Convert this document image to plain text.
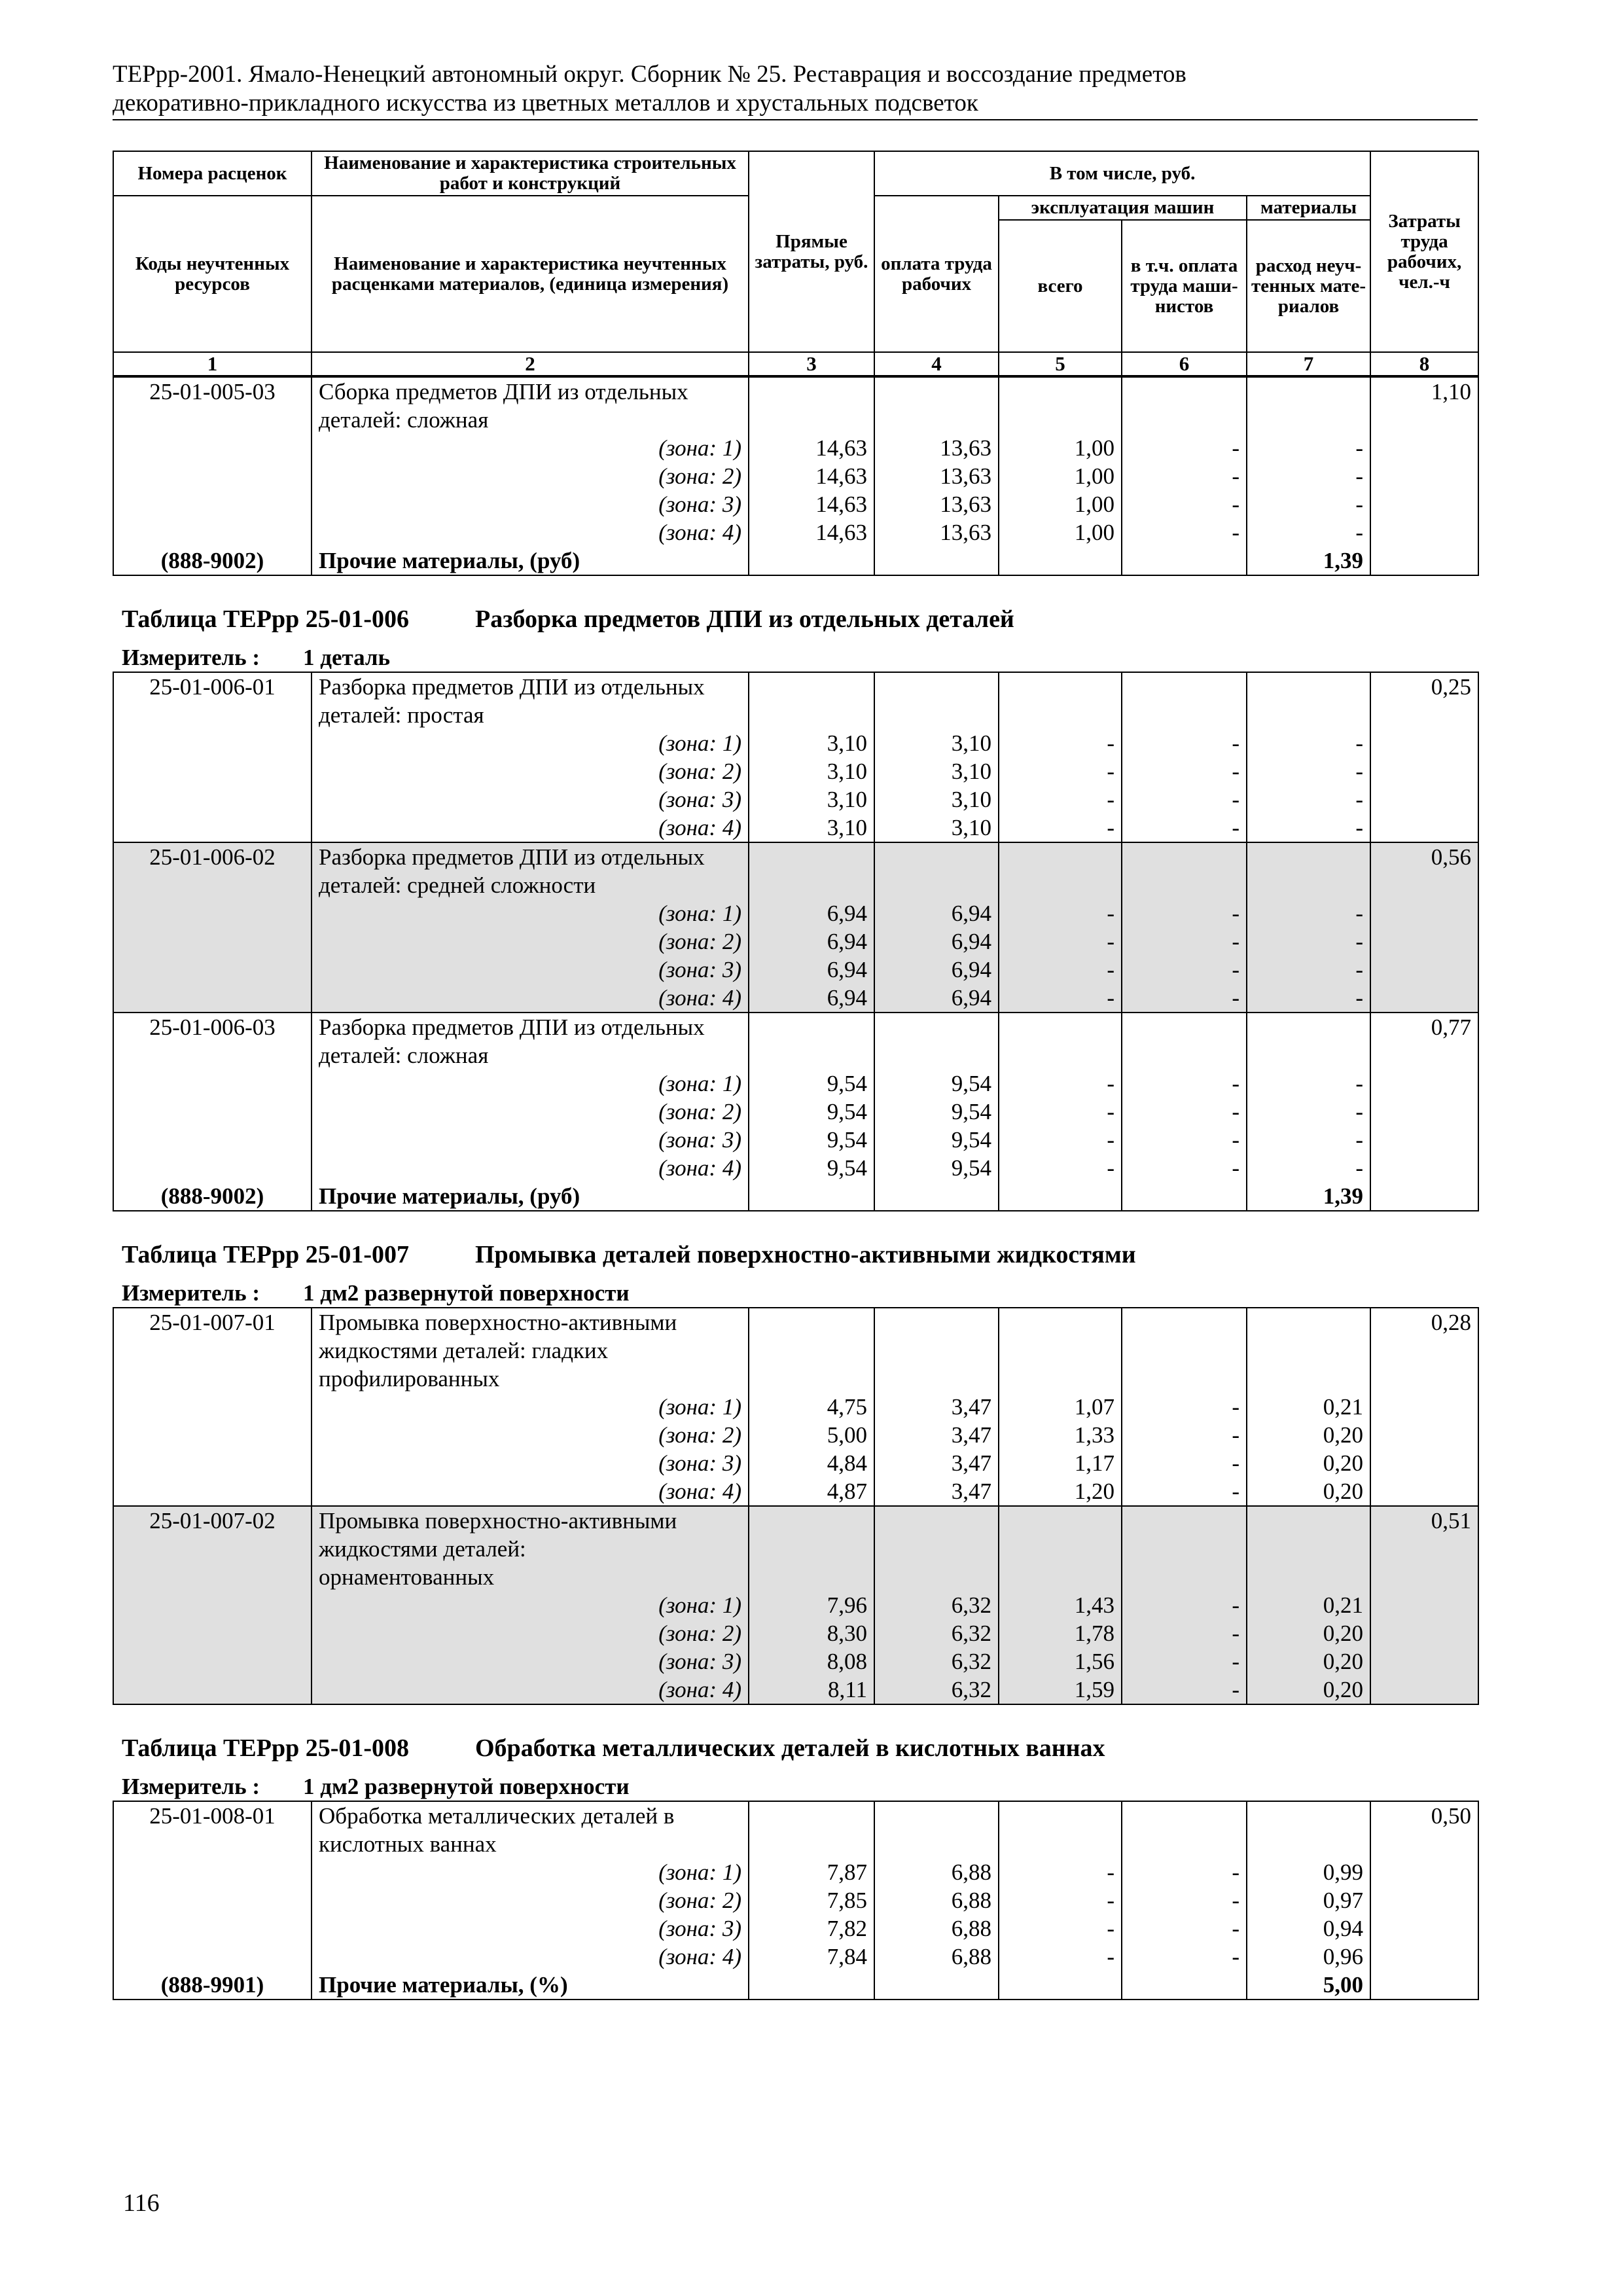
ТЕРрр-2001. Ямало-Ненецкий автономный округ. Сборник № 25. Реставрация и воссоздание предметов
декоративно-прикладного искусства из цветных металлов и хрустальных подсветок
Номера расценок	Наименование и характеристика строительных работ и конструкций	Прямые затраты, руб.	В том числе, руб.				Затраты труда рабочих, чел.-ч
Коды неучтенных ресурсов	Наименование и характеристика неучтенных расценками материалов, (единица измерения)		оплата труда рабочих	эксплуатация машин		материалы	
				всего	в т.ч. оплата труда маши-нистов	расход неуч-тенных мате-риалов	
1	2	3	4	5	6	7	8
25-01-005-03	Сборка предметов ДПИ из отдельных						1,10
	деталей: сложная						
	(зона: 1)	14,63	13,63	1,00	-	-	
	(зона: 2)	14,63	13,63	1,00	-	-	
	(зона: 3)	14,63	13,63	1,00	-	-	
	(зона: 4)	14,63	13,63	1,00	-	-	
(888-9002)	Прочие материалы, (руб)					1,39	
Таблица ТЕРрр 25-01-006	Разборка предметов ДПИ из отдельных деталей
Измеритель : 1 деталь
25-01-006-01	Разборка предметов ДПИ из отдельных						0,25
	деталей: простая						
	(зона: 1)	3,10	3,10	-	-	-	
	(зона: 2)	3,10	3,10	-	-	-	
	(зона: 3)	3,10	3,10	-	-	-	
	(зона: 4)	3,10	3,10	-	-	-	
25-01-006-02	Разборка предметов ДПИ из отдельных						0,56
	деталей: средней сложности						
	(зона: 1)	6,94	6,94	-	-	-	
	(зона: 2)	6,94	6,94	-	-	-	
	(зона: 3)	6,94	6,94	-	-	-	
	(зона: 4)	6,94	6,94	-	-	-	
25-01-006-03	Разборка предметов ДПИ из отдельных						0,77
	деталей: сложная						
	(зона: 1)	9,54	9,54	-	-	-	
	(зона: 2)	9,54	9,54	-	-	-	
	(зона: 3)	9,54	9,54	-	-	-	
	(зона: 4)	9,54	9,54	-	-	-	
(888-9002)	Прочие материалы, (руб)					1,39	
Таблица ТЕРрр 25-01-007	Промывка деталей поверхностно-активными жидкостями
Измеритель : 1 дм2 развернутой поверхности
25-01-007-01	Промывка поверхностно-активными						0,28
	жидкостями деталей: гладких						
	профилированных						
	(зона: 1)	4,75	3,47	1,07	-	0,21	
	(зона: 2)	5,00	3,47	1,33	-	0,20	
	(зона: 3)	4,84	3,47	1,17	-	0,20	
	(зона: 4)	4,87	3,47	1,20	-	0,20	
25-01-007-02	Промывка поверхностно-активными						0,51
	жидкостями деталей:						
	орнаментованных						
	(зона: 1)	7,96	6,32	1,43	-	0,21	
	(зона: 2)	8,30	6,32	1,78	-	0,20	
	(зона: 3)	8,08	6,32	1,56	-	0,20	
	(зона: 4)	8,11	6,32	1,59	-	0,20	
Таблица ТЕРрр 25-01-008	Обработка металлических деталей в кислотных ваннах
Измеритель : 1 дм2 развернутой поверхности
25-01-008-01	Обработка металлических деталей в						0,50
	кислотных ваннах						
	(зона: 1)	7,87	6,88	-	-	0,99	
	(зона: 2)	7,85	6,88	-	-	0,97	
	(зона: 3)	7,82	6,88	-	-	0,94	
	(зона: 4)	7,84	6,88	-	-	0,96	
(888-9901)	Прочие материалы, (%)					5,00	
116
